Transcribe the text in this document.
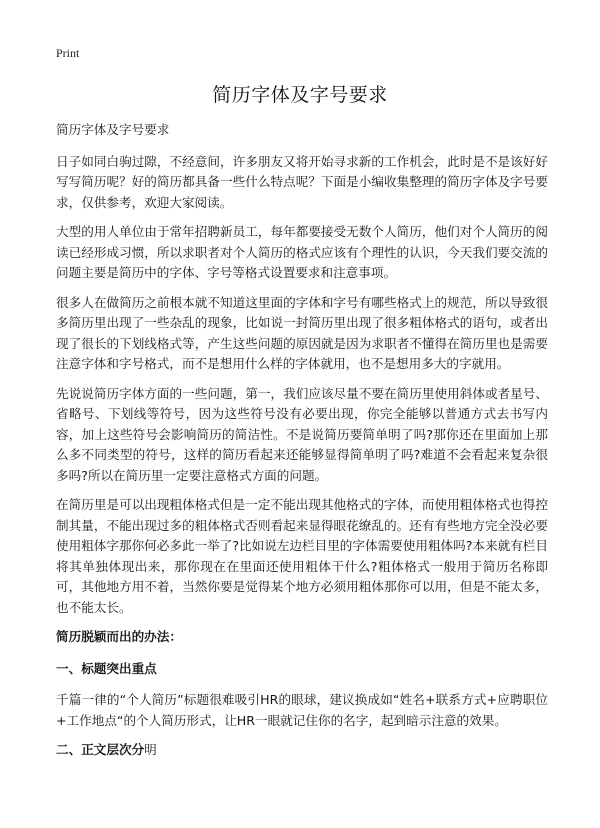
Print
简历字体及字号要求

简历字体及字号要求

日子如同白驹过隙，不经意间，许多朋友又将开始寻求新的工作机会，此时是不是该好好写写简历呢？好的简历都具备一些什么特点呢？下面是小编收集整理的简历字体及字号要求，仅供参考，欢迎大家阅读。

大型的用人单位由于常年招聘新员工，每年都要接受无数个人简历，他们对个人简历的阅读已经形成习惯，所以求职者对个人简历的格式应该有个理性的认识，今天我们要交流的问题主要是简历中的字体、字号等格式设置要求和注意事项。

很多人在做简历之前根本就不知道这里面的字体和字号有哪些格式上的规范，所以导致很多简历里出现了一些杂乱的现象，比如说一封简历里出现了很多粗体格式的语句，或者出现了很长的下划线格式等，产生这些问题的原因就是因为求职者不懂得在简历里也是需要注意字体和字号格式，而不是想用什么样的字体就用，也不是想用多大的字就用。

先说说简历字体方面的一些问题，第一，我们应该尽量不要在简历里使用斜体或者星号、省略号、下划线等符号，因为这些符号没有必要出现，你完全能够以普通方式去书写内容，加上这些符号会影响简历的简洁性。不是说简历要简单明了吗?那你还在里面加上那么多不同类型的符号，这样的简历看起来还能够显得简单明了吗?难道不会看起来复杂很多吗?所以在简历里一定要注意格式方面的问题。

在简历里是可以出现粗体格式但是一定不能出现其他格式的字体，而使用粗体格式也得控制其量，不能出现过多的粗体格式否则看起来显得眼花缭乱的。还有有些地方完全没必要使用粗体字那你何必多此一举了?比如说左边栏目里的字体需要使用粗体吗?本来就有栏目将其单独体现出来，那你现在在里面还使用粗体干什么?粗体格式一般用于简历名称即可，其他地方用不着，当然你要是觉得某个地方必须用粗体那你可以用，但是不能太多，也不能太长。

简历脱颖而出的办法：

一、标题突出重点

千篇一律的“个人简历”标题很难吸引HR的眼球，建议换成如“姓名+联系方式+应聘职位+工作地点“的个人简历形式，让HR一眼就记住你的名字，起到暗示注意的效果。

二、正文层次分明
